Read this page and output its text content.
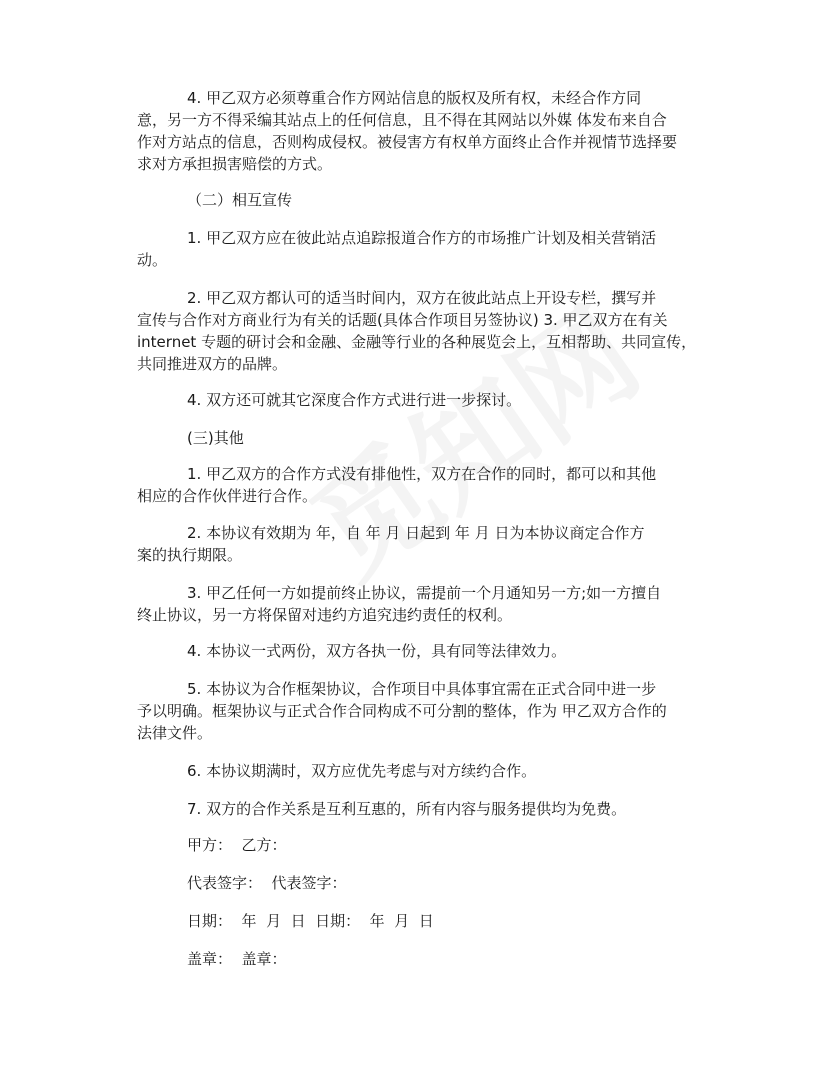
4. 甲乙双方必须尊重合作方网站信息的版权及所有权，未经合作方同

意，另一方不得采编其站点上的任何信息，且不得在其网站以外媒 体发布来自合

作对方站点的信息，否则构成侵权。被侵害方有权单方面终止合作并视情节选择要

求对方承担损害赔偿的方式。

（二）相互宣传

1. 甲乙双方应在彼此站点追踪报道合作方的市场推广计划及相关营销活

动。

2. 甲乙双方都认可的适当时间内，双方在彼此站点上开设专栏，撰写并

宣传与合作对方商业行为有关的话题(具体合作项目另签协议) 3. 甲乙双方在有关

internet 专题的研讨会和金融、金融等行业的各种展览会上，互相帮助、共同宣传，

共同推进双方的品牌。

4. 双方还可就其它深度合作方式进行进一步探讨。

(三)其他

1. 甲乙双方的合作方式没有排他性，双方在合作的同时，都可以和其他

相应的合作伙伴进行合作。

2. 本协议有效期为 年，自 年 月 日起到 年 月 日为本协议商定合作方

案的执行期限。

3. 甲乙任何一方如提前终止协议，需提前一个月通知另一方;如一方擅自

终止协议，另一方将保留对违约方追究违约责任的权利。

4. 本协议一式两份，双方各执一份，具有同等法律效力。

5. 本协议为合作框架协议，合作项目中具体事宜需在正式合同中进一步

予以明确。框架协议与正式合作合同构成不可分割的整体，作为 甲乙双方合作的

法律文件。

6. 本协议期满时，双方应优先考虑与对方续约合作。

7. 双方的合作关系是互利互惠的，所有内容与服务提供均为免费。

甲方：  乙方：

代表签字：  代表签字：

日期：  年  月  日  日期：  年  月  日

盖章：  盖章：
